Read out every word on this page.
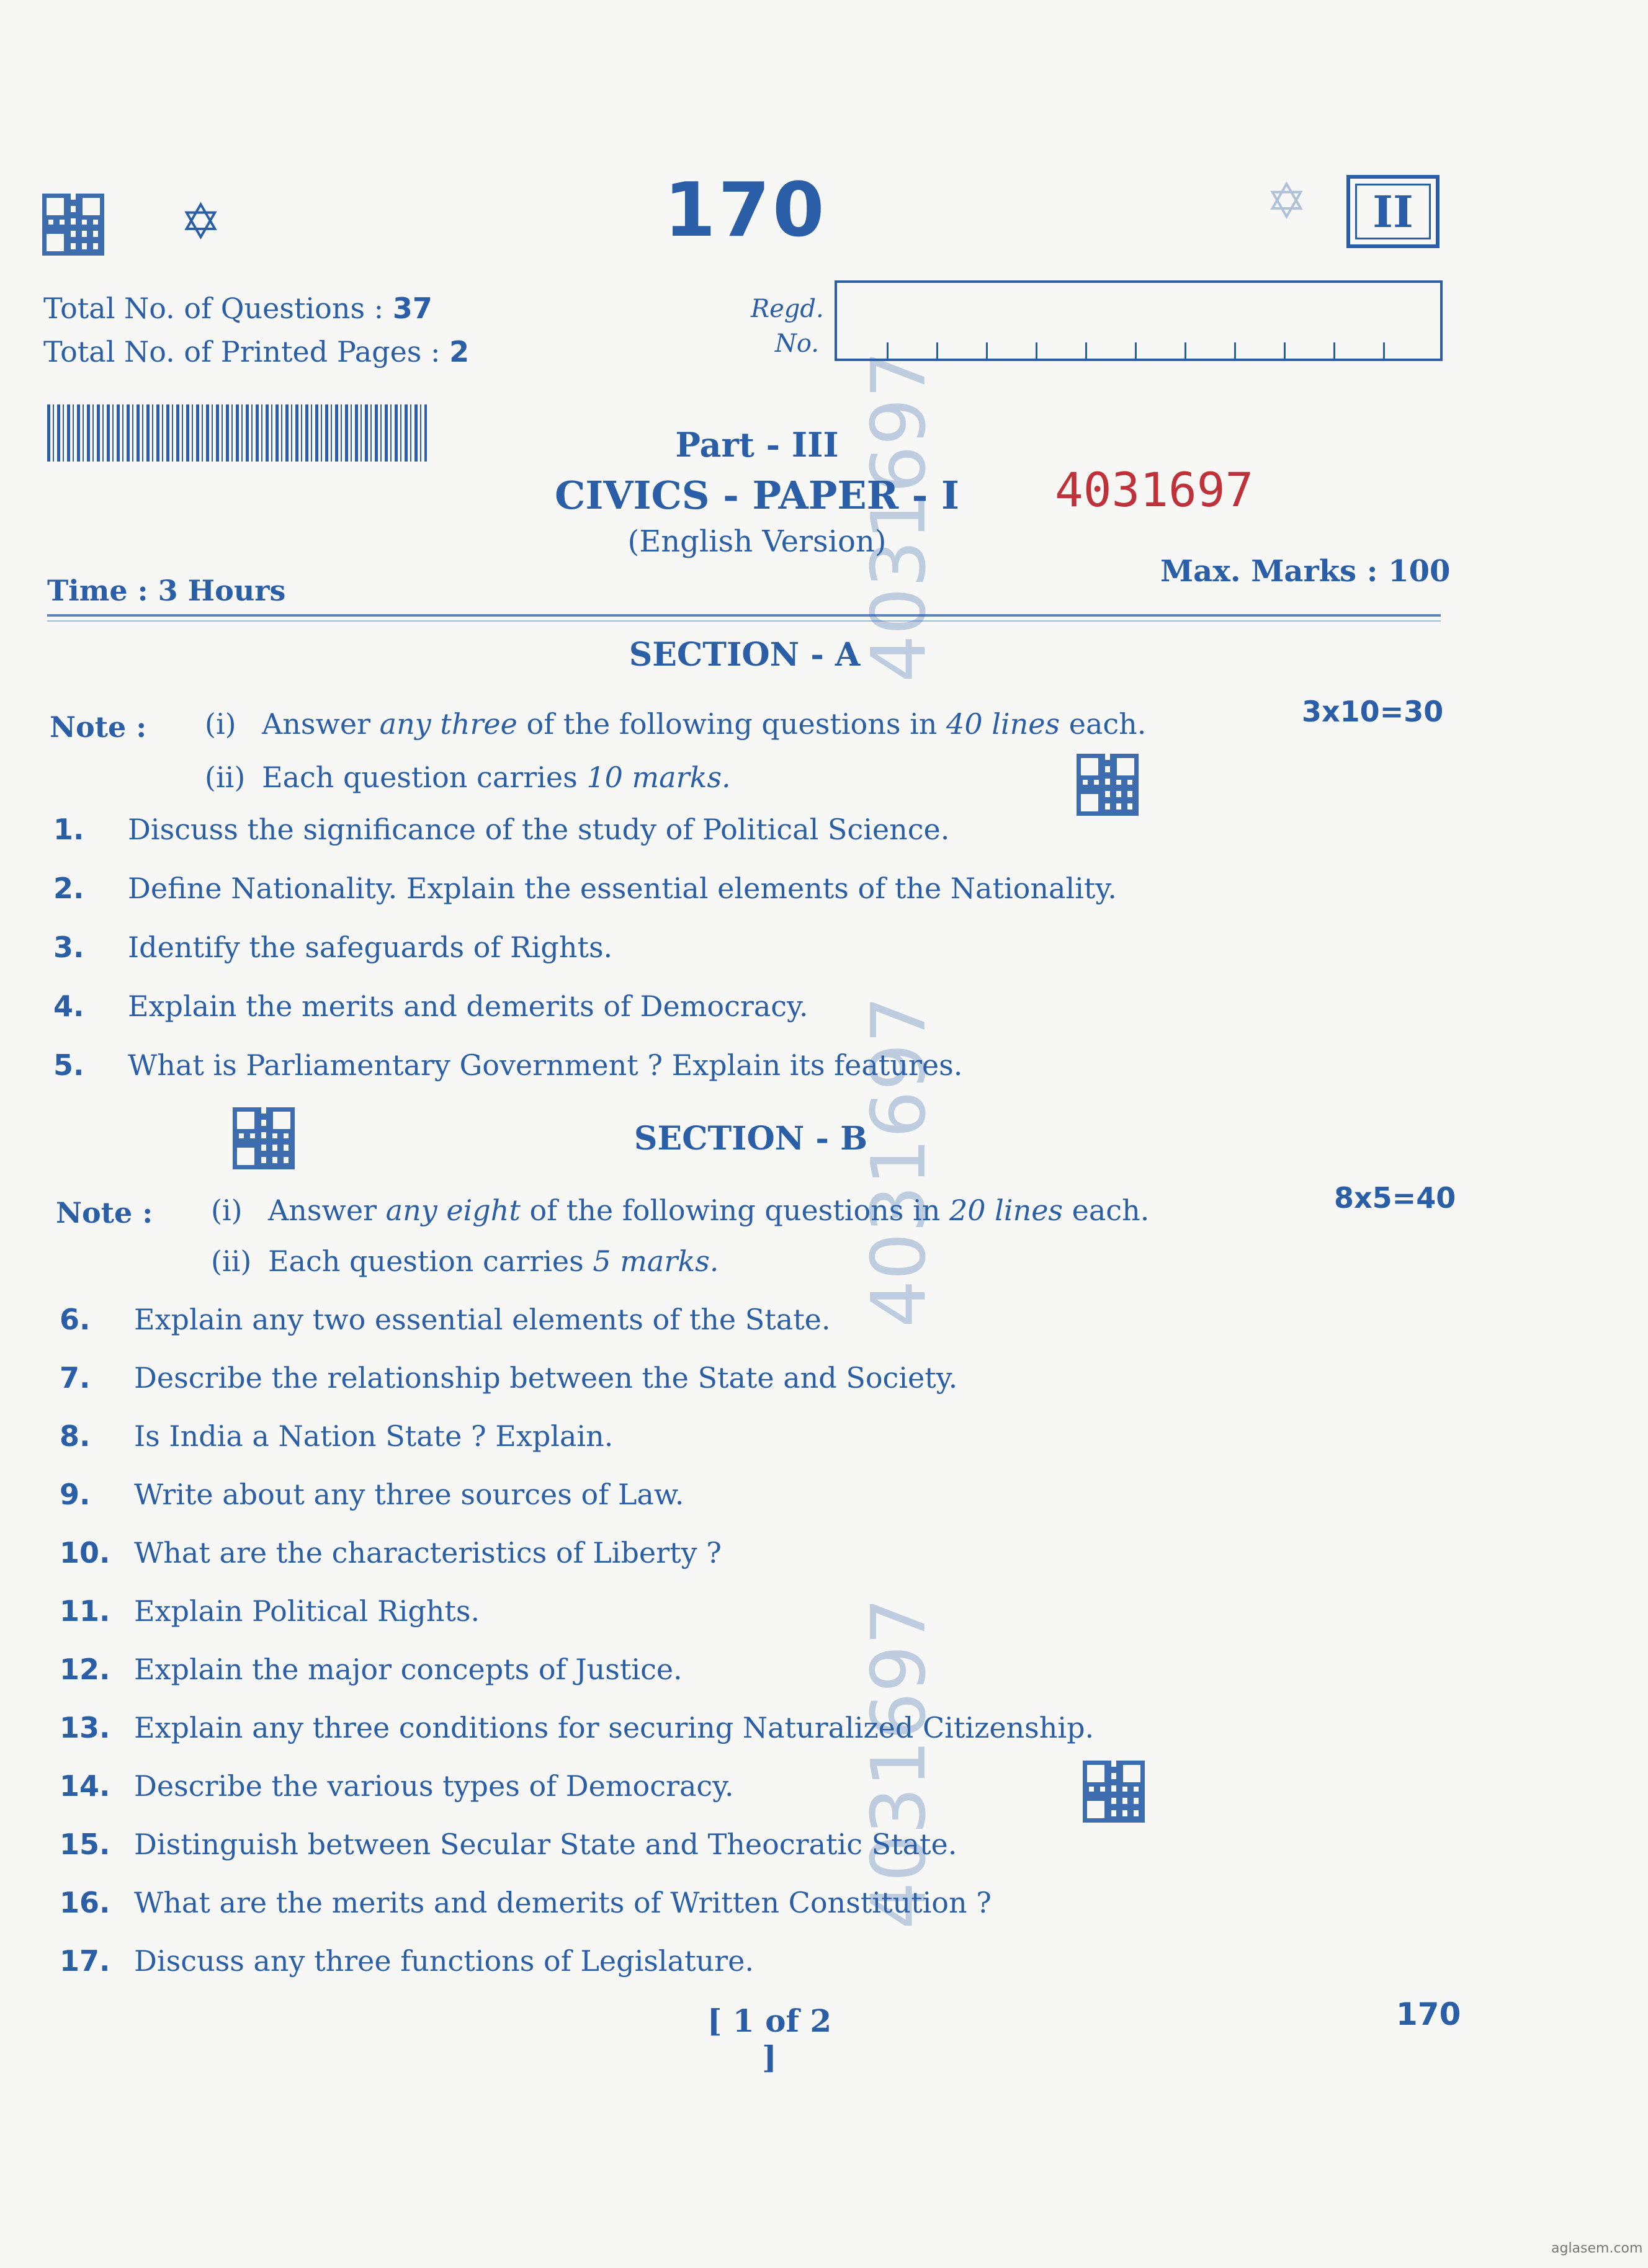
✡	✡
170	II
Total No. of Questions : 37
Total No. of Printed Pages : 2
Regd.
No.
Part - III
CIVICS - PAPER - I
(English Version)
4031697
Time : 3 Hours
Max. Marks : 100
4031697
4031697
4031697
SECTION - A
Note : (i) Answer any three of the following questions in 40 lines each.	3x10=30
(ii) Each question carries 10 marks.
1. Discuss the significance of the study of Political Science.
2. Define Nationality. Explain the essential elements of the Nationality.
3. Identify the safeguards of Rights.
4. Explain the merits and demerits of Democracy.
5. What is Parliamentary Government ? Explain its features.
SECTION - B
Note : (i) Answer any eight of the following questions in 20 lines each.	8x5=40
(ii) Each question carries 5 marks.
6. Explain any two essential elements of the State.
7. Describe the relationship between the State and Society.
8. Is India a Nation State ? Explain.
9. Write about any three sources of Law.
10. What are the characteristics of Liberty ?
11. Explain Political Rights.
12. Explain the major concepts of Justice.
13. Explain any three conditions for securing Naturalized Citizenship.
14. Describe the various types of Democracy.
15. Distinguish between Secular State and Theocratic State.
16. What are the merits and demerits of Written Constitution ?
17. Discuss any three functions of Legislature.
[ 1 of 2 ]
170
aglasem.com
